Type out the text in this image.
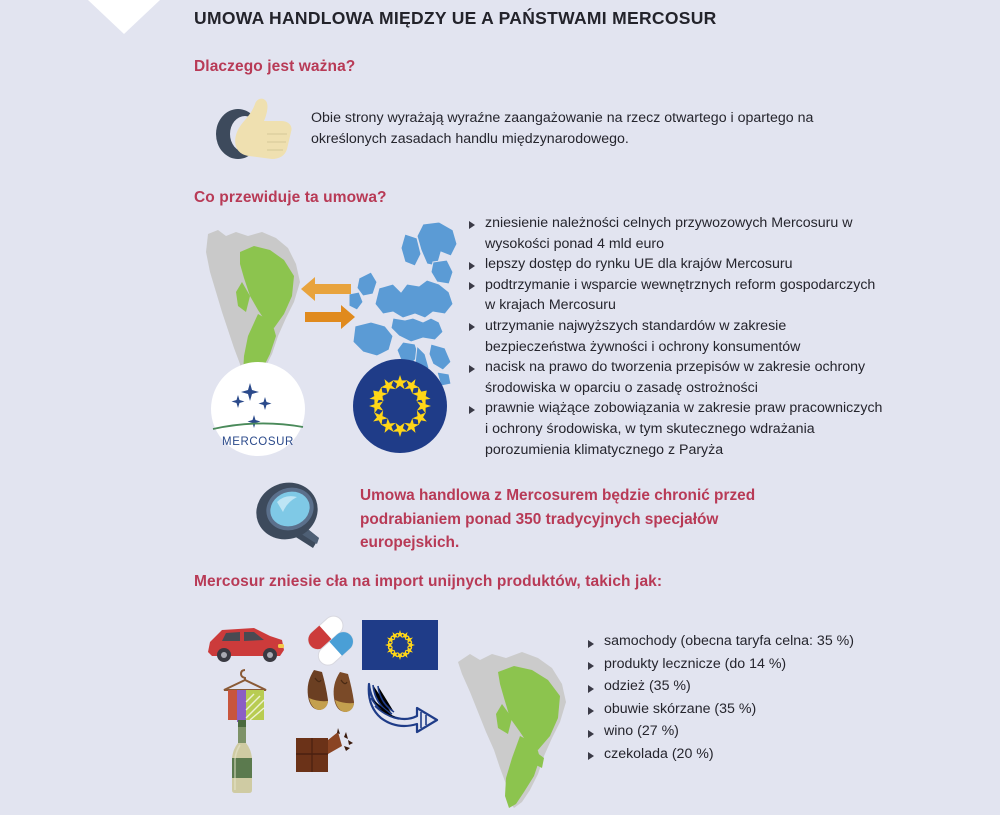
UMOWA HANDLOWA MIĘDZY UE A PAŃSTWAMI MERCOSUR
Dlaczego jest ważna?
Obie strony wyrażają wyraźne zaangażowanie na rzecz otwartego i opartego na określonych zasadach handlu międzynarodowego.
Co przewiduje ta umowa?
MERCOSUR
zniesienie należności celnych przywozowych Mercosuru w wysokości ponad 4 mld euro
lepszy dostęp do rynku UE dla krajów Mercosuru
podtrzymanie i wsparcie wewnętrznych reform gospodarczych w krajach Mercosuru
utrzymanie najwyższych standardów w zakresie bezpieczeństwa żywności i ochrony konsumentów
nacisk na prawo do tworzenia przepisów w zakresie ochrony środowiska w oparciu o zasadę ostrożności
prawnie wiążące zobowiązania w zakresie praw pracowniczych i ochrony środowiska, w tym skutecznego wdrażania porozumienia klimatycznego z Paryża
Umowa handlowa z Mercosurem będzie chronić przed podrabianiem ponad 350 tradycyjnych specjałów europejskich.
Mercosur zniesie cła na import unijnych produktów, takich jak:
samochody (obecna taryfa celna: 35 %)
produkty lecznicze (do 14 %)
odzież (35 %)
obuwie skórzane (35 %)
wino (27 %)
czekolada (20 %)
